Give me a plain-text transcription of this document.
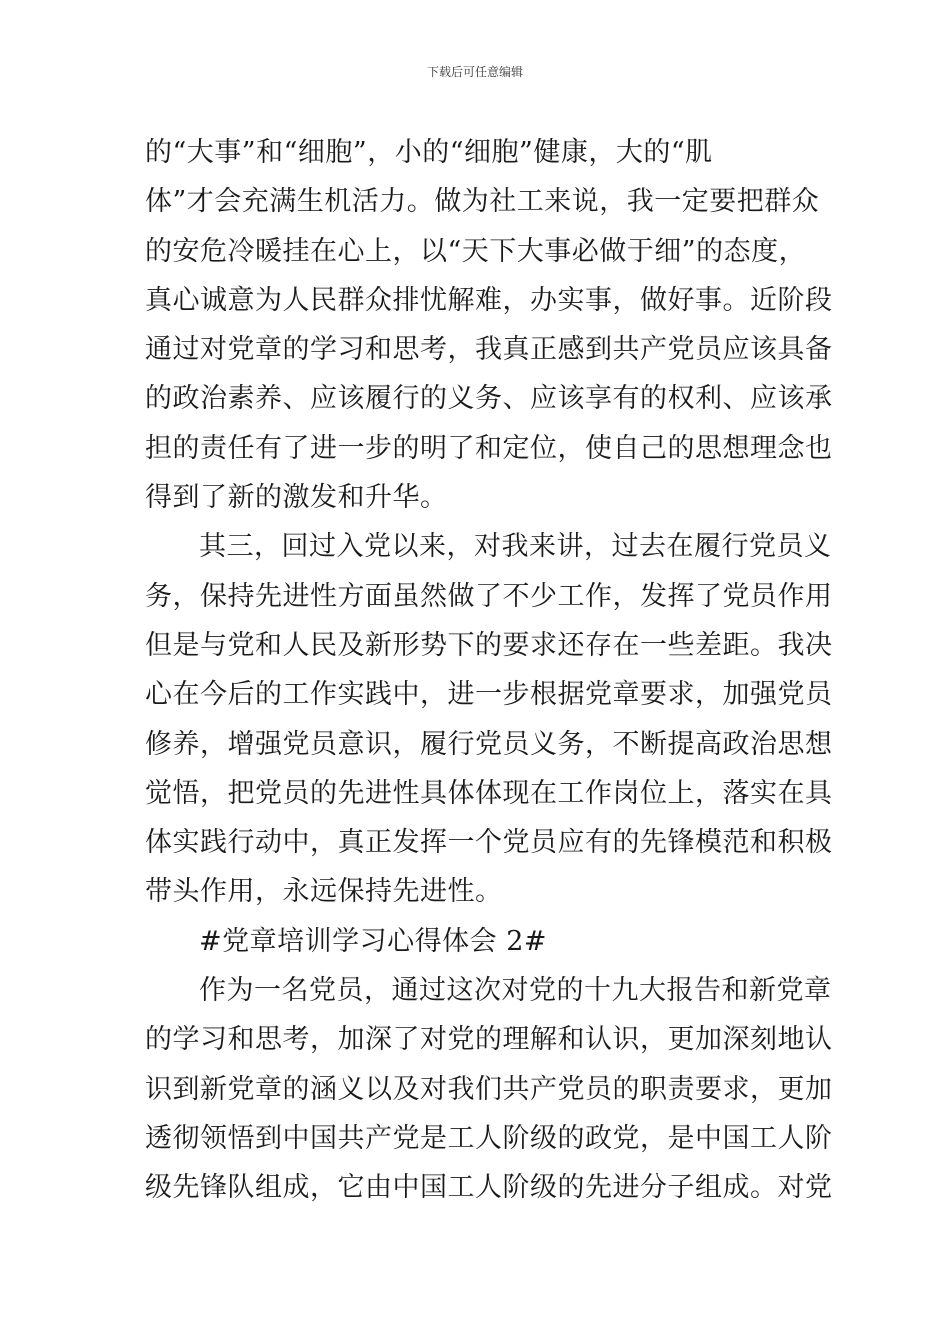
下载后可任意编辑
的“大事”和“细胞”，小的“细胞”健康，大的“肌
体”才会充满生机活力。做为社工来说，我一定要把群众
的安危冷暖挂在心上，以“天下大事必做于细”的态度，
真心诚意为人民群众排忧解难，办实事，做好事。近阶段
通过对党章的学习和思考，我真正感到共产党员应该具备
的政治素养、应该履行的义务、应该享有的权利、应该承
担的责任有了进一步的明了和定位，使自己的思想理念也
得到了新的激发和升华。
其三，回过入党以来，对我来讲，过去在履行党员义
务，保持先进性方面虽然做了不少工作，发挥了党员作用
但是与党和人民及新形势下的要求还存在一些差距。我决
心在今后的工作实践中，进一步根据党章要求，加强党员
修养，增强党员意识，履行党员义务，不断提高政治思想
觉悟，把党员的先进性具体体现在工作岗位上，落实在具
体实践行动中，真正发挥一个党员应有的先锋模范和积极
带头作用，永远保持先进性。
#党章培训学习心得体会 2#
作为一名党员，通过这次对党的十九大报告和新党章
的学习和思考，加深了对党的理解和认识，更加深刻地认
识到新党章的涵义以及对我们共产党员的职责要求，更加
透彻领悟到中国共产党是工人阶级的政党，是中国工人阶
级先锋队组成，它由中国工人阶级的先进分子组成。对党
